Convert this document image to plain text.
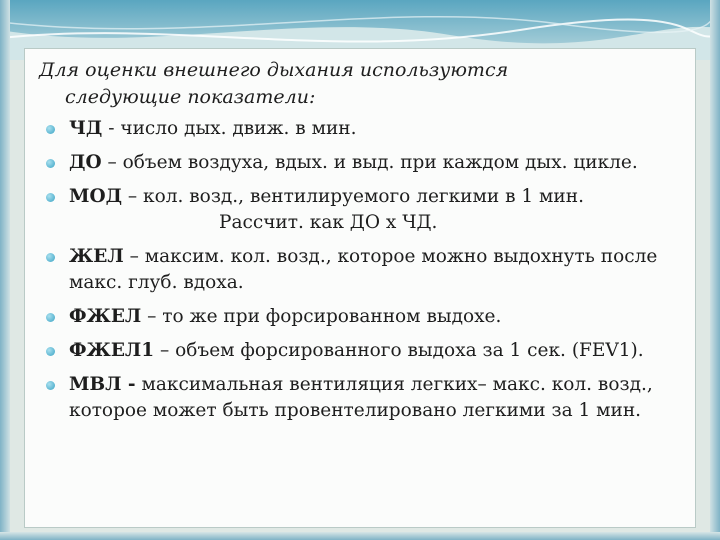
Для оценки внешнего дыхания используются
следующие показатели:

ЧД - число дых. движ. в мин.
ДО – объем воздуха, вдых. и выд. при каждом дых. цикле.
МОД – кол. возд., вентилируемого легкими в 1 мин.
Рассчит. как ДО х ЧД.
ЖЕЛ – максим. кол. возд., которое можно выдохнуть после макс. глуб. вдоха.
ФЖЕЛ – то же при форсированном выдохе.
ФЖЕЛ1 – объем форсированного выдоха за 1 сек. (FEV1).
МВЛ - максимальная вентиляция легких– макс. кол. возд., которое может быть провентелировано легкими за 1 мин.
